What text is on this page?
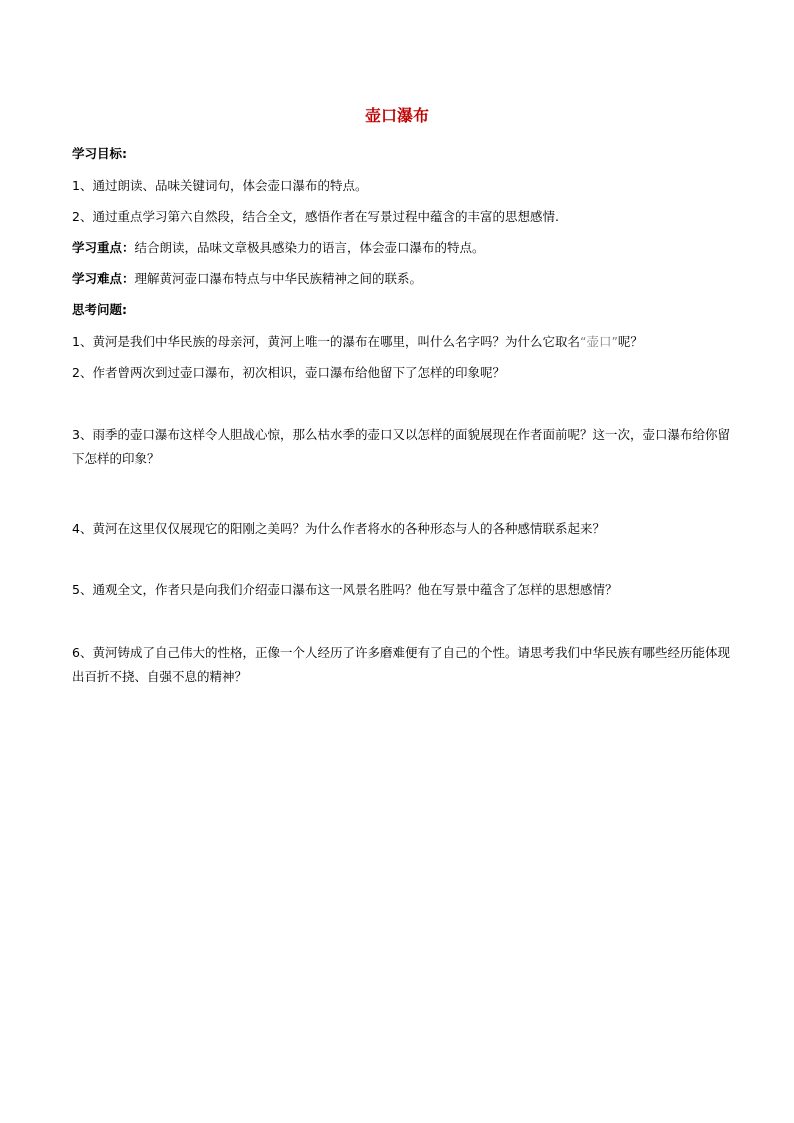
壶口瀑布
学习目标:
1、通过朗读、品味关键词句，体会壶口瀑布的特点。
2、通过重点学习第六自然段，结合全文，感悟作者在写景过程中蕴含的丰富的思想感情.
学习重点：结合朗读，品味文章极具感染力的语言，体会壶口瀑布的特点。
学习难点：理解黄河壶口瀑布特点与中华民族精神之间的联系。
思考问题:
1、黄河是我们中华民族的母亲河，黄河上唯一的瀑布在哪里，叫什么名字吗？为什么它取名“壶口”呢？
2、作者曾两次到过壶口瀑布，初次相识，壶口瀑布给他留下了怎样的印象呢？
3、雨季的壶口瀑布这样令人胆战心惊，那么枯水季的壶口又以怎样的面貌展现在作者面前呢？这一次，壶口瀑布给你留下怎样的印象？
4、黄河在这里仅仅展现它的阳刚之美吗？为什么作者将水的各种形态与人的各种感情联系起来？
5、通观全文，作者只是向我们介绍壶口瀑布这一风景名胜吗？他在写景中蕴含了怎样的思想感情？
6、黄河铸成了自己伟大的性格，正像一个人经历了许多磨难便有了自己的个性。请思考我们中华民族有哪些经历能体现出百折不挠、自强不息的精神？
